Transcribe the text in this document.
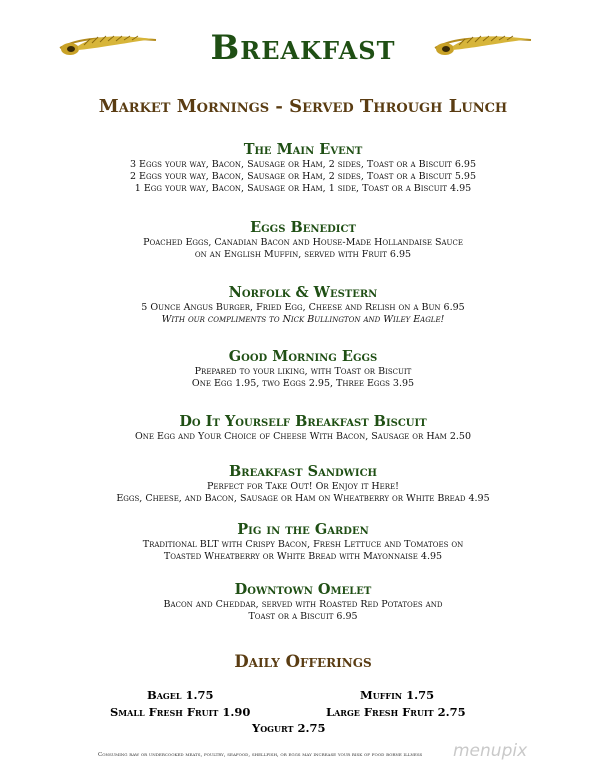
Breakfast
Market Mornings - Served Through Lunch

The Main Event

3 Eggs your way, Bacon, Sausage or Ham, 2 sides, Toast or a Biscuit 6.95

2 Eggs your way, Bacon, Sausage or Ham, 2 sides, Toast or a Biscuit 5.95

1 Egg your way, Bacon, Sausage or Ham, 1 side, Toast or a Biscuit 4.95

Eggs Benedict

Poached Eggs, Canadian Bacon and House-Made Hollandaise Sauce

on an English Muffin, served with Fruit 6.95

Norfolk & Western

5 Ounce Angus Burger, Fried Egg, Cheese and Relish on a Bun 6.95

With our compliments to Nick Bullington and Wiley Eagle!

Good Morning Eggs

Prepared to your liking, with Toast or Biscuit

One Egg 1.95, two Eggs 2.95, Three Eggs 3.95

Do It Yourself Breakfast Biscuit

One Egg and Your Choice of Cheese With Bacon, Sausage or Ham 2.50

Breakfast Sandwich

Perfect for Take Out! Or Enjoy it Here!

Eggs, Cheese, and Bacon, Sausage or Ham on Wheatberry or White Bread 4.95

Pig in the Garden

Traditional BLT with Crispy Bacon, Fresh Lettuce and Tomatoes on

Toasted Wheatberry or White Bread with Mayonnaise 4.95

Downtown Omelet

Bacon and Cheddar, served with Roasted Red Potatoes and

Toast or a Biscuit 6.95

Daily Offerings
Bagel 1.75	Muffin 1.75
Small Fresh Fruit 1.90	Large Fresh Fruit 2.75
Yogurt 2.75
Consuming raw or undercooked meats, poultry, seafood, shellfish, or eggs may increase your risk of food borne illness	menupix
